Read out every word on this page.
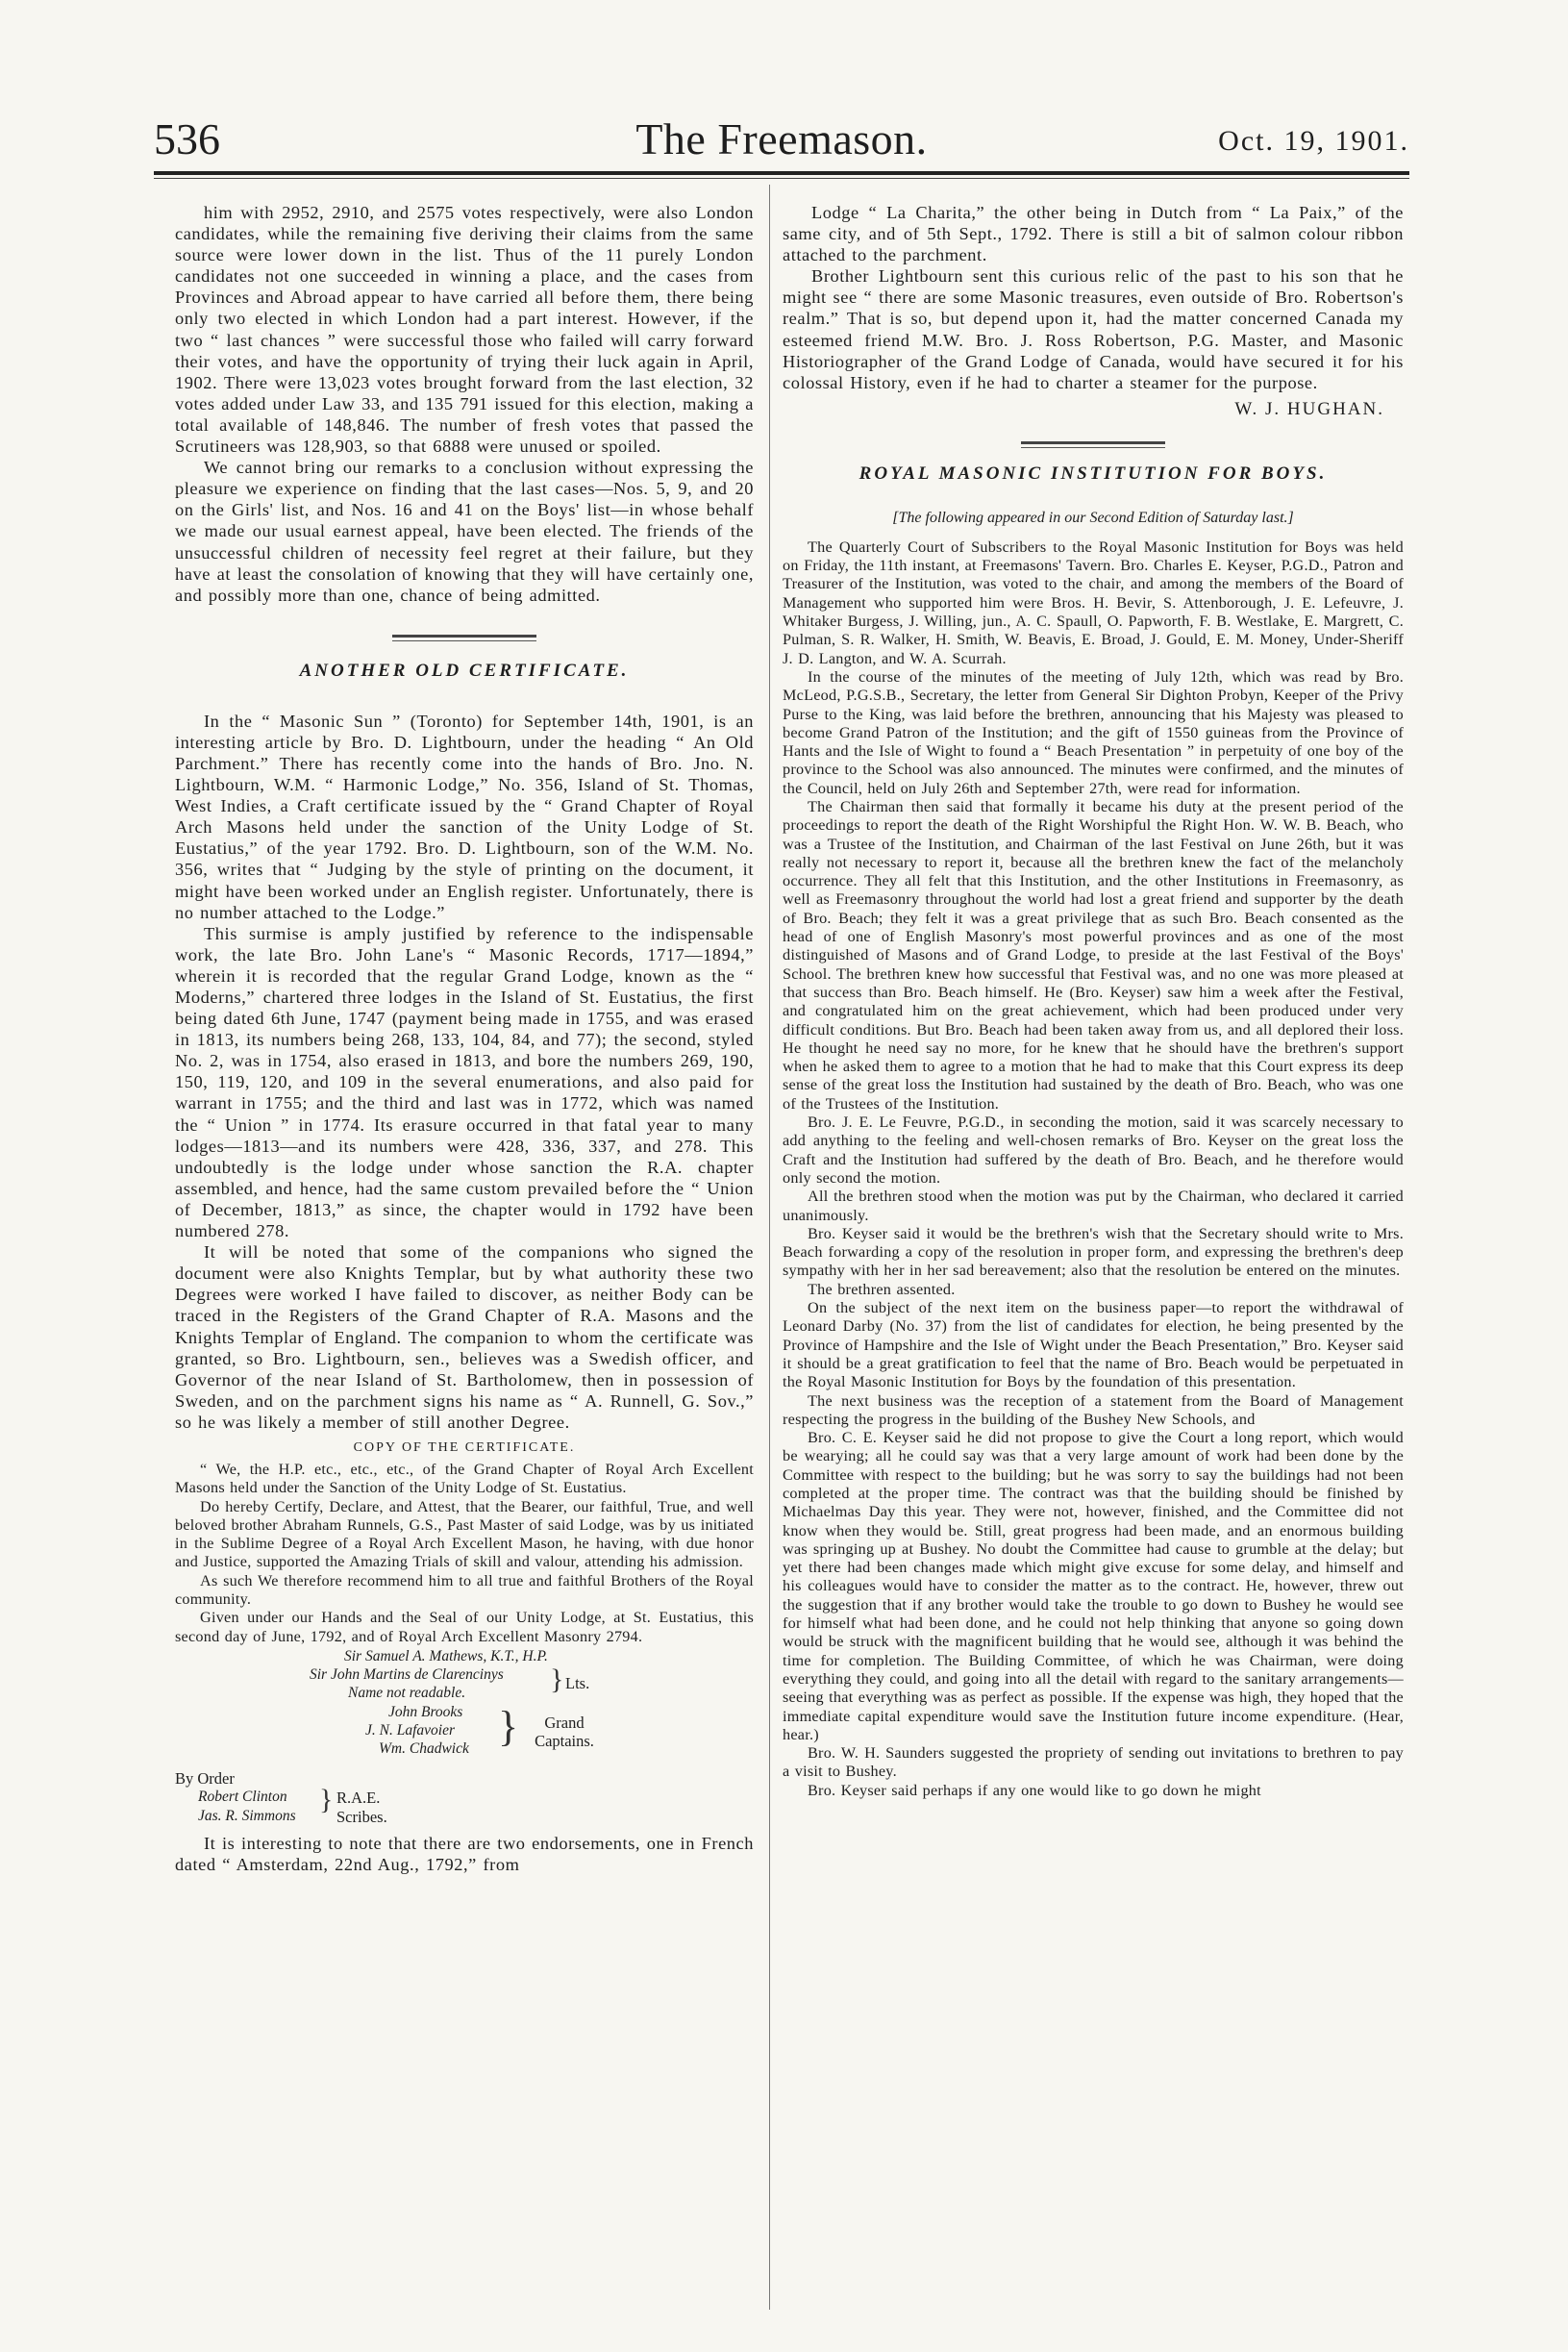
536	The Freemason.	Oct. 19, 1901.

him with 2952, 2910, and 2575 votes respectively, were also London candidates, while the remaining five deriving their claims from the same source were lower down in the list. Thus of the 11 purely London candidates not one succeeded in winning a place, and the cases from Provinces and Abroad appear to have carried all before them, there being only two elected in which London had a part interest. However, if the two “ last chances ” were successful those who failed will carry forward their votes, and have the opportunity of trying their luck again in April, 1902. There were 13,023 votes brought forward from the last election, 32 votes added under Law 33, and 135 791 issued for this election, making a total available of 148,846. The number of fresh votes that passed the Scrutineers was 128,903, so that 6888 were unused or spoiled.

We cannot bring our remarks to a conclusion without expressing the pleasure we experience on finding that the last cases—Nos. 5, 9, and 20 on the Girls' list, and Nos. 16 and 41 on the Boys' list—in whose behalf we made our usual earnest appeal, have been elected. The friends of the unsuccessful children of necessity feel regret at their failure, but they have at least the consolation of knowing that they will have certainly one, and possibly more than one, chance of being admitted.

ANOTHER OLD CERTIFICATE.

In the “ Masonic Sun ” (Toronto) for September 14th, 1901, is an interesting article by Bro. D. Lightbourn, under the heading “ An Old Parchment.” There has recently come into the hands of Bro. Jno. N. Lightbourn, W.M. “ Harmonic Lodge,” No. 356, Island of St. Thomas, West Indies, a Craft certificate issued by the “ Grand Chapter of Royal Arch Masons held under the sanction of the Unity Lodge of St. Eustatius,” of the year 1792. Bro. D. Lightbourn, son of the W.M. No. 356, writes that “ Judging by the style of printing on the document, it might have been worked under an English register. Unfortunately, there is no number attached to the Lodge.”

This surmise is amply justified by reference to the indispensable work, the late Bro. John Lane's “ Masonic Records, 1717—1894,” wherein it is recorded that the regular Grand Lodge, known as the “ Moderns,” chartered three lodges in the Island of St. Eustatius, the first being dated 6th June, 1747 (payment being made in 1755, and was erased in 1813, its numbers being 268, 133, 104, 84, and 77); the second, styled No. 2, was in 1754, also erased in 1813, and bore the numbers 269, 190, 150, 119, 120, and 109 in the several enumerations, and also paid for warrant in 1755; and the third and last was in 1772, which was named the “ Union ” in 1774. Its erasure occurred in that fatal year to many lodges—1813—and its numbers were 428, 336, 337, and 278. This undoubtedly is the lodge under whose sanction the R.A. chapter assembled, and hence, had the same custom prevailed before the “ Union of December, 1813,” as since, the chapter would in 1792 have been numbered 278.

It will be noted that some of the companions who signed the document were also Knights Templar, but by what authority these two Degrees were worked I have failed to discover, as neither Body can be traced in the Registers of the Grand Chapter of R.A. Masons and the Knights Templar of England. The companion to whom the certificate was granted, so Bro. Lightbourn, sen., believes was a Swedish officer, and Governor of the near Island of St. Bartholomew, then in possession of Sweden, and on the parchment signs his name as “ A. Runnell, G. Sov.,” so he was likely a member of still another Degree.

COPY OF THE CERTIFICATE.

“ We, the H.P. etc., etc., etc., of the Grand Chapter of Royal Arch Excellent Masons held under the Sanction of the Unity Lodge of St. Eustatius.

Do hereby Certify, Declare, and Attest, that the Bearer, our faithful, True, and well beloved brother Abraham Runnels, G.S., Past Master of said Lodge, was by us initiated in the Sublime Degree of a Royal Arch Excellent Mason, he having, with due honor and Justice, supported the Amazing Trials of skill and valour, attending his admission.

As such We therefore recommend him to all true and faithful Brothers of the Royal community.

Given under our Hands and the Seal of our Unity Lodge, at St. Eustatius, this second day of June, 1792, and of Royal Arch Excellent Masonry 2794.

Sir Samuel A. Mathews, K.T., H.P.
Sir John Martins de Clarencinys
Name not readable.	} Lts.
John Brooks
J. N. Lafavoier
Wm. Chadwick }	Grand Captains.
By Order
Robert Clinton
Jas. R. Simmons
} R.A.E.
Scribes.

It is interesting to note that there are two endorsements, one in French dated “ Amsterdam, 22nd Aug., 1792,” from

Lodge “ La Charita,” the other being in Dutch from “ La Paix,” of the same city, and of 5th Sept., 1792. There is still a bit of salmon colour ribbon attached to the parchment.

Brother Lightbourn sent this curious relic of the past to his son that he might see “ there are some Masonic treasures, even outside of Bro. Robertson's realm.” That is so, but depend upon it, had the matter concerned Canada my esteemed friend M.W. Bro. J. Ross Robertson, P.G. Master, and Masonic Historiographer of the Grand Lodge of Canada, would have secured it for his colossal History, even if he had to charter a steamer for the purpose.

W. J. HUGHAN.
ROYAL MASONIC INSTITUTION FOR BOYS.
[The following appeared in our Second Edition of Saturday last.]

The Quarterly Court of Subscribers to the Royal Masonic Institution for Boys was held on Friday, the 11th instant, at Freemasons' Tavern. Bro. Charles E. Keyser, P.G.D., Patron and Treasurer of the Institution, was voted to the chair, and among the members of the Board of Management who supported him were Bros. H. Bevir, S. Attenborough, J. E. Lefeuvre, J. Whitaker Burgess, J. Willing, jun., A. C. Spaull, O. Papworth, F. B. Westlake, E. Margrett, C. Pulman, S. R. Walker, H. Smith, W. Beavis, E. Broad, J. Gould, E. M. Money, Under-Sheriff J. D. Langton, and W. A. Scurrah.

In the course of the minutes of the meeting of July 12th, which was read by Bro. McLeod, P.G.S.B., Secretary, the letter from General Sir Dighton Probyn, Keeper of the Privy Purse to the King, was laid before the brethren, announcing that his Majesty was pleased to become Grand Patron of the Institution; and the gift of 1550 guineas from the Province of Hants and the Isle of Wight to found a “ Beach Presentation ” in perpetuity of one boy of the province to the School was also announced. The minutes were confirmed, and the minutes of the Council, held on July 26th and September 27th, were read for information.

The Chairman then said that formally it became his duty at the present period of the proceedings to report the death of the Right Worshipful the Right Hon. W. W. B. Beach, who was a Trustee of the Institution, and Chairman of the last Festival on June 26th, but it was really not necessary to report it, because all the brethren knew the fact of the melancholy occurrence. They all felt that this Institution, and the other Institutions in Freemasonry, as well as Freemasonry throughout the world had lost a great friend and supporter by the death of Bro. Beach; they felt it was a great privilege that as such Bro. Beach consented as the head of one of English Masonry's most powerful provinces and as one of the most distinguished of Masons and of Grand Lodge, to preside at the last Festival of the Boys' School. The brethren knew how successful that Festival was, and no one was more pleased at that success than Bro. Beach himself. He (Bro. Keyser) saw him a week after the Festival, and congratulated him on the great achievement, which had been produced under very difficult conditions. But Bro. Beach had been taken away from us, and all deplored their loss. He thought he need say no more, for he knew that he should have the brethren's support when he asked them to agree to a motion that he had to make that this Court express its deep sense of the great loss the Institution had sustained by the death of Bro. Beach, who was one of the Trustees of the Institution.

Bro. J. E. Le Feuvre, P.G.D., in seconding the motion, said it was scarcely necessary to add anything to the feeling and well-chosen remarks of Bro. Keyser on the great loss the Craft and the Institution had suffered by the death of Bro. Beach, and he therefore would only second the motion.

All the brethren stood when the motion was put by the Chairman, who declared it carried unanimously.

Bro. Keyser said it would be the brethren's wish that the Secretary should write to Mrs. Beach forwarding a copy of the resolution in proper form, and expressing the brethren's deep sympathy with her in her sad bereavement; also that the resolution be entered on the minutes.

The brethren assented.

On the subject of the next item on the business paper—to report the withdrawal of Leonard Darby (No. 37) from the list of candidates for election, he being presented by the Province of Hampshire and the Isle of Wight under the Beach Presentation,” Bro. Keyser said it should be a great gratification to feel that the name of Bro. Beach would be perpetuated in the Royal Masonic Institution for Boys by the foundation of this presentation.

The next business was the reception of a statement from the Board of Management respecting the progress in the building of the Bushey New Schools, and

Bro. C. E. Keyser said he did not propose to give the Court a long report, which would be wearying; all he could say was that a very large amount of work had been done by the Committee with respect to the building; but he was sorry to say the buildings had not been completed at the proper time. The contract was that the building should be finished by Michaelmas Day this year. They were not, however, finished, and the Committee did not know when they would be. Still, great progress had been made, and an enormous building was springing up at Bushey. No doubt the Committee had cause to grumble at the delay; but yet there had been changes made which might give excuse for some delay, and himself and his colleagues would have to consider the matter as to the contract. He, however, threw out the suggestion that if any brother would take the trouble to go down to Bushey he would see for himself what had been done, and he could not help thinking that anyone so going down would be struck with the magnificent building that he would see, although it was behind the time for completion. The Building Committee, of which he was Chairman, were doing everything they could, and going into all the detail with regard to the sanitary arrangements—seeing that everything was as perfect as possible. If the expense was high, they hoped that the immediate capital expenditure would save the Institution future income expenditure. (Hear, hear.)

Bro. W. H. Saunders suggested the propriety of sending out invitations to brethren to pay a visit to Bushey.

Bro. Keyser said perhaps if any one would like to go down he might
